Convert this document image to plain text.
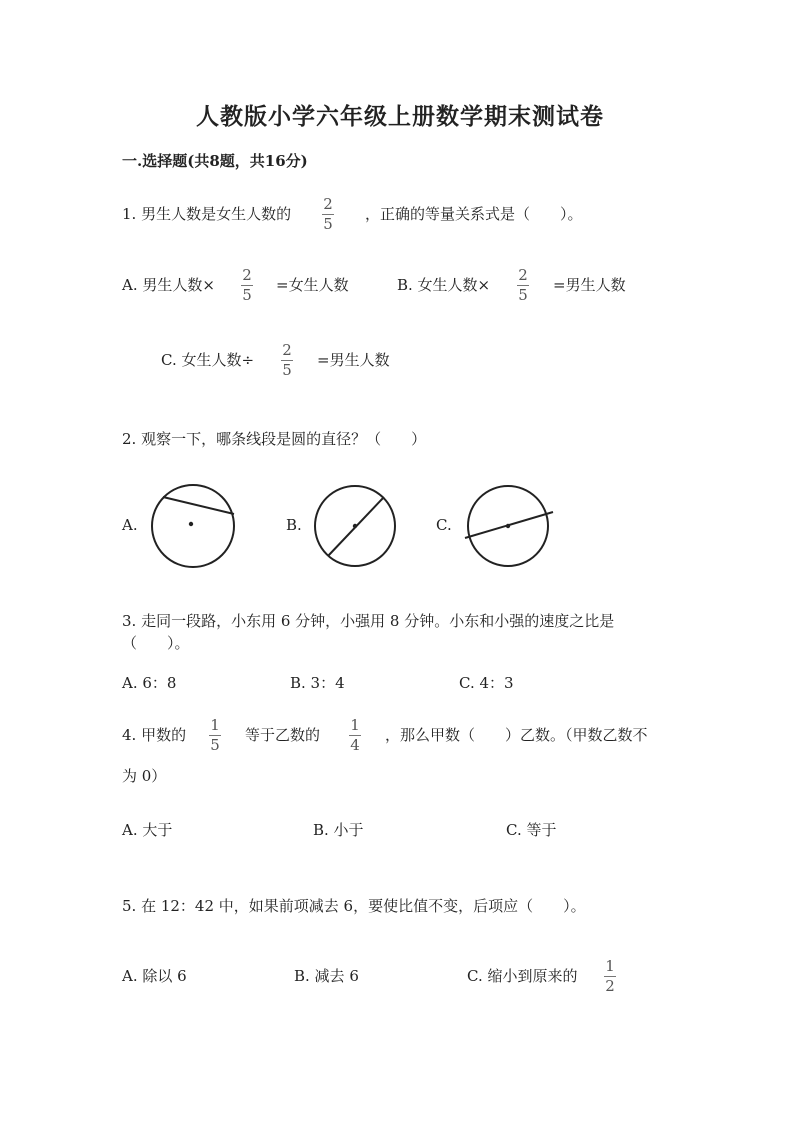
人教版小学六年级上册数学期末测试卷
一.选择题(共8题，共16分)
1. 男生人数是女生人数的
2
5
，正确的等量关系式是（　　）。
A. 男生人数×
2
5
=女生人数	B. 女生人数×
2
5
=男生人数
C. 女生人数÷
2
5
=男生人数
2. 观察一下，哪条线段是圆的直径？（　　）
A.	B.	C.
3. 走同一段路，小东用 6 分钟，小强用 8 分钟。小东和小强的速度之比是
（　　）。
A. 6：8	B. 3：4	C. 4：3
4. 甲数的
1
5
等于乙数的
1
4
，那么甲数（　　）乙数。（甲数乙数不
为 0）
A. 大于	B. 小于	C. 等于
5. 在 12：42 中，如果前项减去 6，要使比值不变，后项应（　　）。
A. 除以 6	B. 减去 6	C. 缩小到原来的
1
2
